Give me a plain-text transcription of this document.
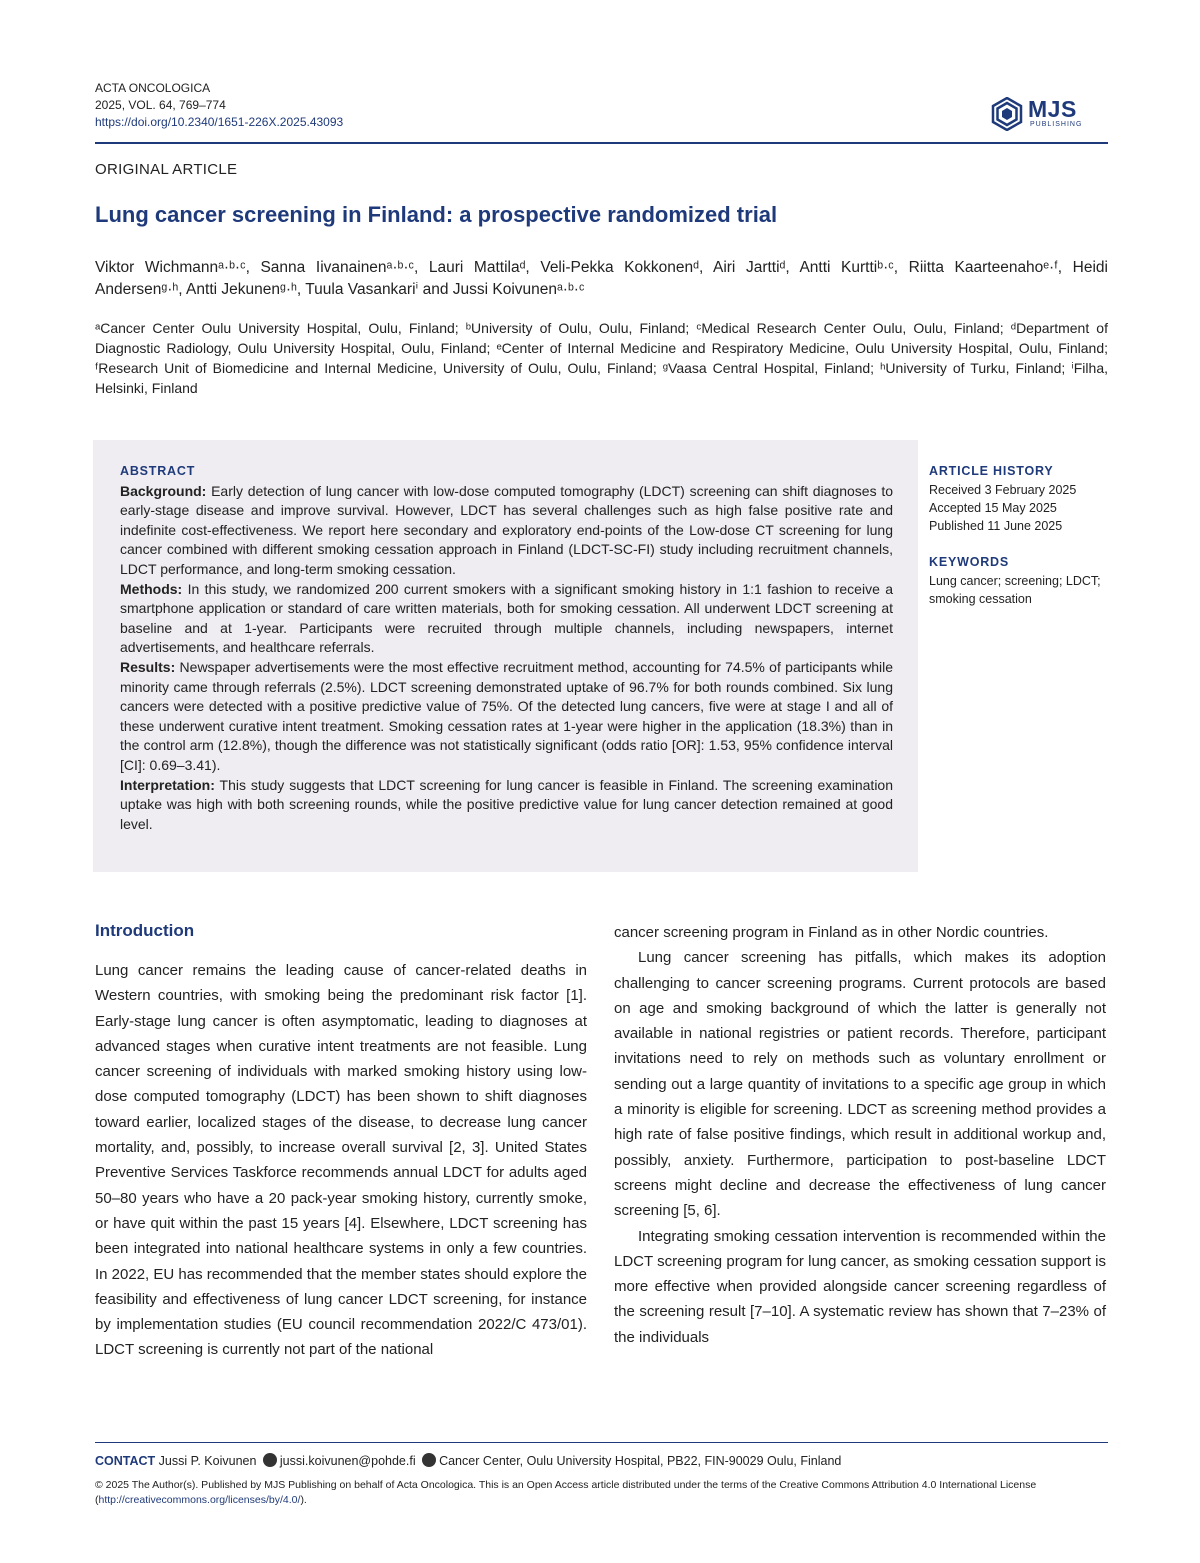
ACTA ONCOLOGICA
2025, VOL. 64, 769–774
https://doi.org/10.2340/1651-226X.2025.43093	MJS
PUBLISHING
ORIGINAL ARTICLE
Lung cancer screening in Finland: a prospective randomized trial
Viktor Wichmannᵃ·ᵇ·ᶜ, Sanna Iivanainenᵃ·ᵇ·ᶜ, Lauri Mattilaᵈ, Veli-Pekka Kokkonenᵈ, Airi Jarttiᵈ, Antti Kurttiᵇ·ᶜ, Riitta Kaarteenahoᵉ·ᶠ, Heidi Andersenᵍ·ʰ, Antti Jekunenᵍ·ʰ, Tuula Vasankariⁱ and Jussi Koivunenᵃ·ᵇ·ᶜ
ᵃCancer Center Oulu University Hospital, Oulu, Finland; ᵇUniversity of Oulu, Oulu, Finland; ᶜMedical Research Center Oulu, Oulu, Finland; ᵈDepartment of Diagnostic Radiology, Oulu University Hospital, Oulu, Finland; ᵉCenter of Internal Medicine and Respiratory Medicine, Oulu University Hospital, Oulu, Finland; ᶠResearch Unit of Biomedicine and Internal Medicine, University of Oulu, Oulu, Finland; ᵍVaasa Central Hospital, Finland; ʰUniversity of Turku, Finland; ⁱFilha, Helsinki, Finland
ABSTRACT
Background: Early detection of lung cancer with low-dose computed tomography (LDCT) screening can shift diagnoses to early-stage disease and improve survival. However, LDCT has several challenges such as high false positive rate and indefinite cost-effectiveness. We report here secondary and exploratory end-points of the Low-dose CT screening for lung cancer combined with different smoking cessation approach in Finland (LDCT-SC-FI) study including recruitment channels, LDCT performance, and long-term smoking cessation.
Methods: In this study, we randomized 200 current smokers with a significant smoking history in 1:1 fashion to receive a smartphone application or standard of care written materials, both for smoking cessation. All underwent LDCT screening at baseline and at 1-year. Participants were recruited through multiple channels, including newspapers, internet advertisements, and healthcare referrals.
Results: Newspaper advertisements were the most effective recruitment method, accounting for 74.5% of participants while minority came through referrals (2.5%). LDCT screening demonstrated uptake of 96.7% for both rounds combined. Six lung cancers were detected with a positive predictive value of 75%. Of the detected lung cancers, five were at stage I and all of these underwent curative intent treatment. Smoking cessation rates at 1-year were higher in the application (18.3%) than in the control arm (12.8%), though the difference was not statistically significant (odds ratio [OR]: 1.53, 95% confidence interval [CI]: 0.69–3.41).
Interpretation: This study suggests that LDCT screening for lung cancer is feasible in Finland. The screening examination uptake was high with both screening rounds, while the positive predictive value for lung cancer detection remained at good level.
ARTICLE HISTORY
Received 3 February 2025
Accepted 15 May 2025
Published 11 June 2025
KEYWORDS
Lung cancer; screening; LDCT; smoking cessation
Introduction

Lung cancer remains the leading cause of cancer-related deaths in Western countries, with smoking being the predominant risk factor [1]. Early-stage lung cancer is often asymptomatic, leading to diagnoses at advanced stages when curative intent treatments are not feasible. Lung cancer screening of individuals with marked smoking history using low-dose computed tomography (LDCT) has been shown to shift diagnoses toward earlier, localized stages of the disease, to decrease lung cancer mortality, and, possibly, to increase overall survival [2, 3]. United States Preventive Services Taskforce recommends annual LDCT for adults aged 50–80 years who have a 20 pack-year smoking history, currently smoke, or have quit within the past 15 years [4]. Elsewhere, LDCT screening has been integrated into national healthcare systems in only a few countries. In 2022, EU has recommended that the member states should explore the feasibility and effectiveness of lung cancer LDCT screening, for instance by implementation studies (EU council recommendation 2022/C 473/01). LDCT screening is currently not part of the national

cancer screening program in Finland as in other Nordic countries.

Lung cancer screening has pitfalls, which makes its adoption challenging to cancer screening programs. Current protocols are based on age and smoking background of which the latter is generally not available in national registries or patient records. Therefore, participant invitations need to rely on methods such as voluntary enrollment or sending out a large quantity of invitations to a specific age group in which a minority is eligible for screening. LDCT as screening method provides a high rate of false positive findings, which result in additional workup and, possibly, anxiety. Furthermore, participation to post-baseline LDCT screens might decline and decrease the effectiveness of lung cancer screening [5, 6].

Integrating smoking cessation intervention is recommended within the LDCT screening program for lung cancer, as smoking cessation support is more effective when provided alongside cancer screening regardless of the screening result [7–10]. A systematic review has shown that 7–23% of the individuals

CONTACT Jussi P. Koivunen jussi.koivunen@pohde.fi Cancer Center, Oulu University Hospital, PB22, FIN-90029 Oulu, Finland
© 2025 The Author(s). Published by MJS Publishing on behalf of Acta Oncologica. This is an Open Access article distributed under the terms of the Creative Commons Attribution 4.0 International License (http://creativecommons.org/licenses/by/4.0/).
